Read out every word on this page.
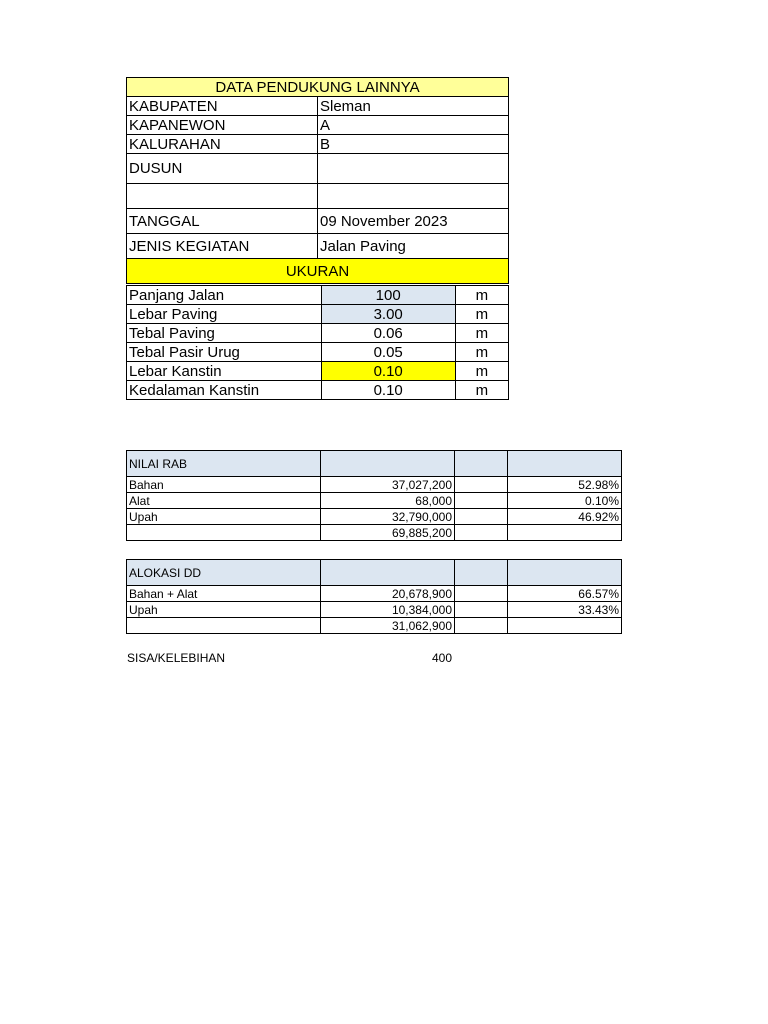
DATA PENDUKUNG LAINNYA	
KABUPATEN	Sleman
KAPANEWON	A
KALURAHAN	B
DUSUN	

TANGGAL	09 November 2023
JENIS KEGIATAN	Jalan Paving
UKURAN	
Panjang Jalan	100	m
Lebar Paving	3.00	m
Tebal Paving	0.06	m
Tebal Pasir Urug	0.05	m
Lebar Kanstin	0.10	m
Kedalaman Kanstin	0.10	m
NILAI RAB			
Bahan	37,027,200		52.98%
Alat	68,000		0.10%
Upah	32,790,000		46.92%
	69,885,200		
ALOKASI DD			
Bahan + Alat	20,678,900		66.57%
Upah	10,384,000		33.43%
	31,062,900		
SISA/KELEBIHAN	400
